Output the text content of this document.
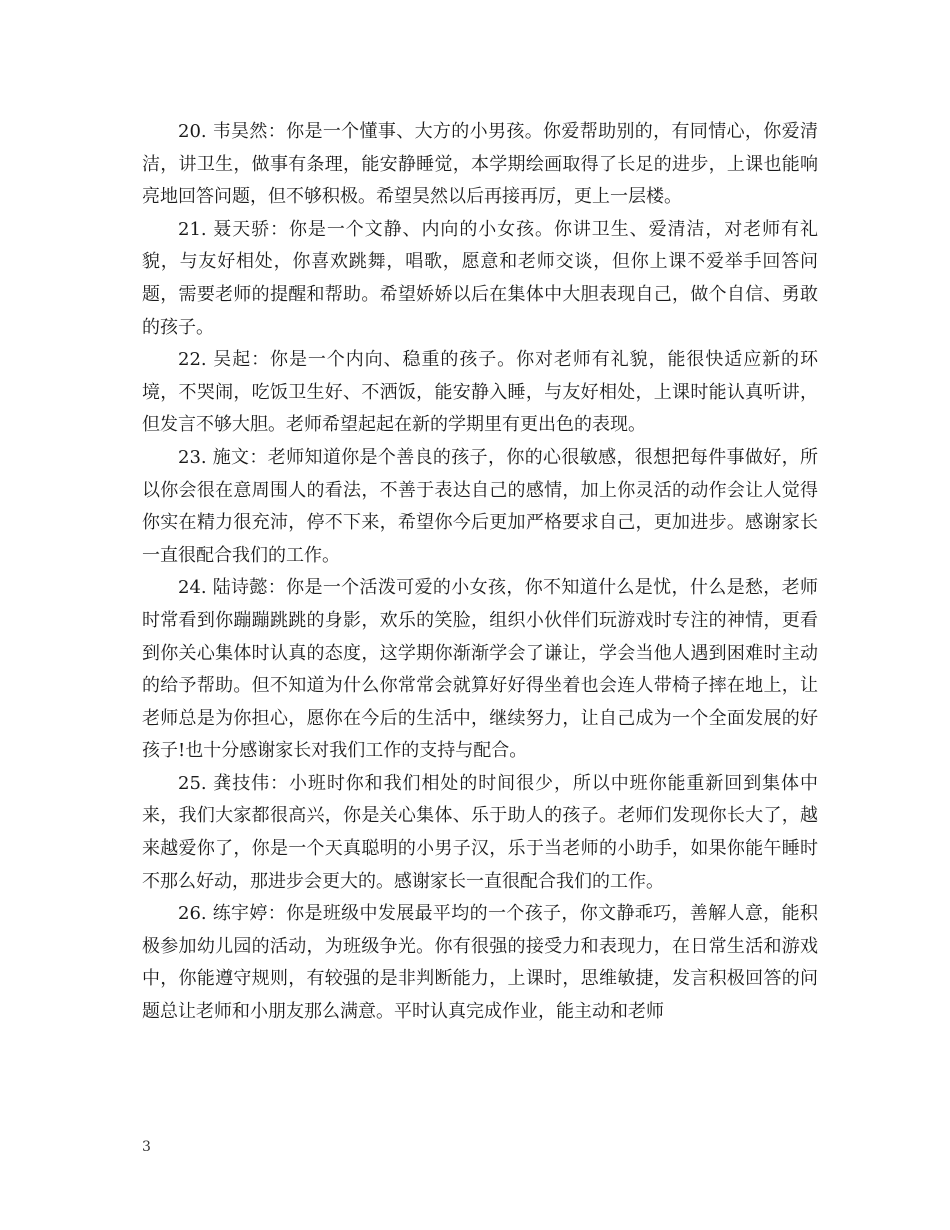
20. 韦昊然：你是一个懂事、大方的小男孩。你爱帮助别的，有同情心，你爱清洁，讲卫生，做事有条理，能安静睡觉，本学期绘画取得了长足的进步，上课也能响亮地回答问题，但不够积极。希望昊然以后再接再厉，更上一层楼。

21. 聂天骄：你是一个文静、内向的小女孩。你讲卫生、爱清洁，对老师有礼貌，与友好相处，你喜欢跳舞，唱歌，愿意和老师交谈，但你上课不爱举手回答问题，需要老师的提醒和帮助。希望娇娇以后在集体中大胆表现自己，做个自信、勇敢的孩子。

22. 吴起：你是一个内向、稳重的孩子。你对老师有礼貌，能很快适应新的环境，不哭闹，吃饭卫生好、不洒饭，能安静入睡，与友好相处，上课时能认真听讲，但发言不够大胆。老师希望起起在新的学期里有更出色的表现。

23. 施文：老师知道你是个善良的孩子，你的心很敏感，很想把每件事做好，所以你会很在意周围人的看法，不善于表达自己的感情，加上你灵活的动作会让人觉得你实在精力很充沛，停不下来，希望你今后更加严格要求自己，更加进步。感谢家长一直很配合我们的工作。

24. 陆诗懿：你是一个活泼可爱的小女孩，你不知道什么是忧，什么是愁，老师时常看到你蹦蹦跳跳的身影，欢乐的笑脸，组织小伙伴们玩游戏时专注的神情，更看到你关心集体时认真的态度，这学期你渐渐学会了谦让，学会当他人遇到困难时主动的给予帮助。但不知道为什么你常常会就算好好得坐着也会连人带椅子摔在地上，让老师总是为你担心，愿你在今后的生活中，继续努力，让自己成为一个全面发展的好孩子!也十分感谢家长对我们工作的支持与配合。

25. 龚技伟：小班时你和我们相处的时间很少，所以中班你能重新回到集体中来，我们大家都很高兴，你是关心集体、乐于助人的孩子。老师们发现你长大了，越来越爱你了，你是一个天真聪明的小男子汉，乐于当老师的小助手，如果你能午睡时不那么好动，那进步会更大的。感谢家长一直很配合我们的工作。

26. 练宇婷：你是班级中发展最平均的一个孩子，你文静乖巧，善解人意，能积极参加幼儿园的活动，为班级争光。你有很强的接受力和表现力，在日常生活和游戏中，你能遵守规则，有较强的是非判断能力，上课时，思维敏捷，发言积极回答的问题总让老师和小朋友那么满意。平时认真完成作业，能主动和老师

3
